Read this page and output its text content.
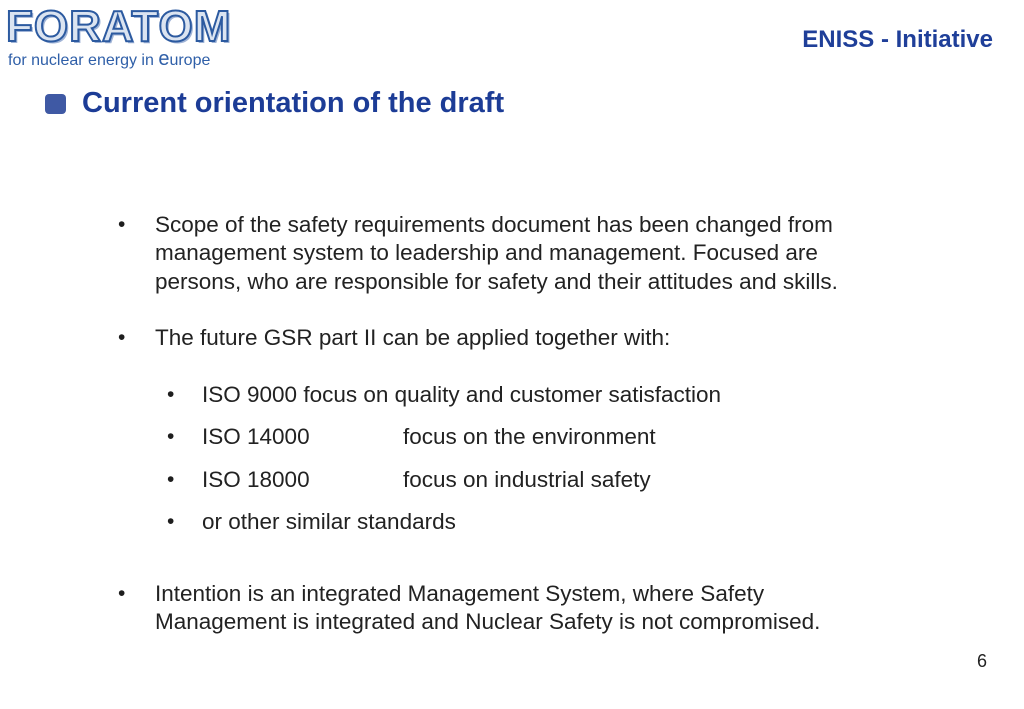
FORATOM
for nuclear energy in europe
ENISS - Initiative
Current orientation of the draft
• Scope of the safety requirements document has been changed from management system to leadership and management. Focused are persons, who are responsible for safety and their attitudes and skills.
• The future GSR part II can be applied together with:
• ISO 9000 focus on quality and customer satisfaction
• ISO 14000	focus on the environment
• ISO 18000	focus on industrial safety
• or other similar standards
• Intention is an integrated Management System, where Safety Management is integrated and Nuclear Safety is not compromised.
6
